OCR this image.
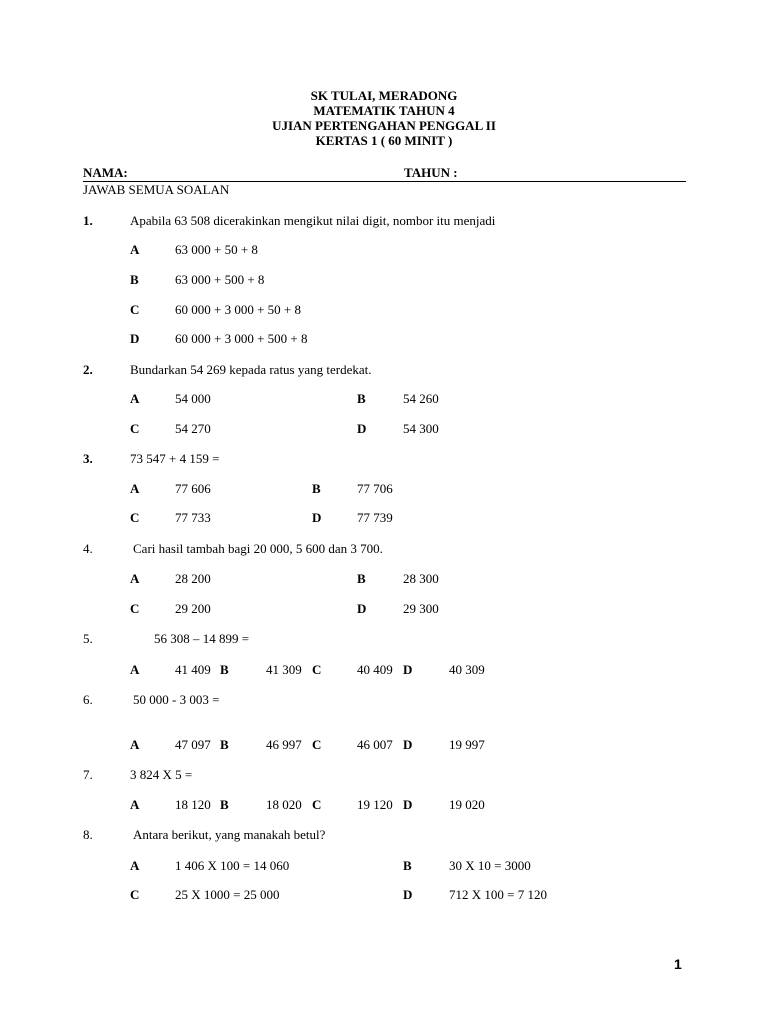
SK TULAI, MERADONG
MATEMATIK TAHUN 4
UJIAN PERTENGAHAN PENGGAL II
KERTAS 1 ( 60 MINIT )
NAMA:	TAHUN :
JAWAB SEMUA SOALAN
1.	Apabila 63 508 dicerakinkan mengikut nilai digit, nombor itu menjadi
A	63 000 + 50 + 8
B	63 000 + 500 + 8
C	60 000 + 3 000 + 50 + 8
D	60 000 + 3 000 + 500 + 8
2.	Bundarkan 54 269 kepada ratus yang terdekat.
A	54 000	B	54 260
C	54 270	D	54 300
3.	73 547 + 4 159 =
A	77 606	B	77 706
C	77 733	D	77 739
4.	Cari hasil tambah bagi 20 000, 5 600 dan 3 700.
A	28 200	B	28 300
C	29 200	D	29 300
5.	56 308 – 14 899 =
A	41 409 B	41 309 C	40 409 D	40 309
6.	50 000 - 3 003 =
A	47 097 B	46 997 C	46 007 D	19 997
7.	3 824 X 5 =
A	18 120 B	18 020 C	19 120 D	19 020
8.	Antara berikut, yang manakah betul?
A	1 406 X 100 = 14 060	B	30 X 10 = 3000
C	25 X 1000 = 25 000	D	712 X 100 = 7 120
1
